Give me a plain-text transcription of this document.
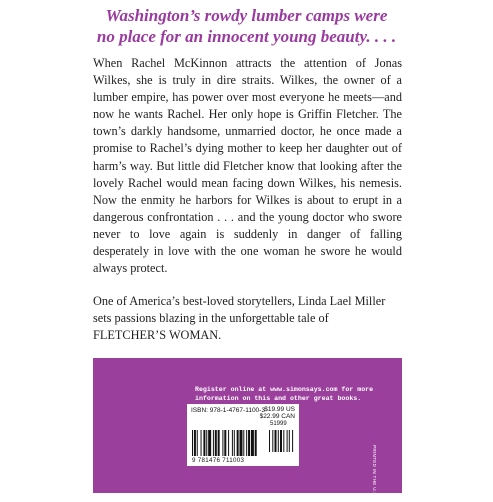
Washington’s rowdy lumber camps were
no place for an innocent young beauty. . . .

When Rachel McKinnon attracts the attention of Jonas Wilkes, she is truly in dire straits. Wilkes, the owner of a lumber empire, has power over most everyone he meets—and now he wants Rachel. Her only hope is Griffin Fletcher. The town’s darkly handsome, unmarried doctor, he once made a promise to Rachel’s dying mother to keep her daughter out of harm’s way. But little did Fletcher know that looking after the lovely Rachel would mean facing down Wilkes, his nemesis. Now the enmity he harbors for Wilkes is about to erupt in a dangerous confrontation . . . and the young doctor who swore never to love again is suddenly in danger of falling desperately in love with the one woman he swore he would always protect.

One of America’s best-loved storytellers, Linda Lael Miller sets passions blazing in the unforgettable tale of FLETCHER’S WOMAN.

Register online at www.simonsays.com for more
information on this and other great books.
ISBN: 978-1-4767-1100-3 $19.99 US
$22.99 CAN
51999
9 781476 711003	PRINTED IN THE U.S.A.
